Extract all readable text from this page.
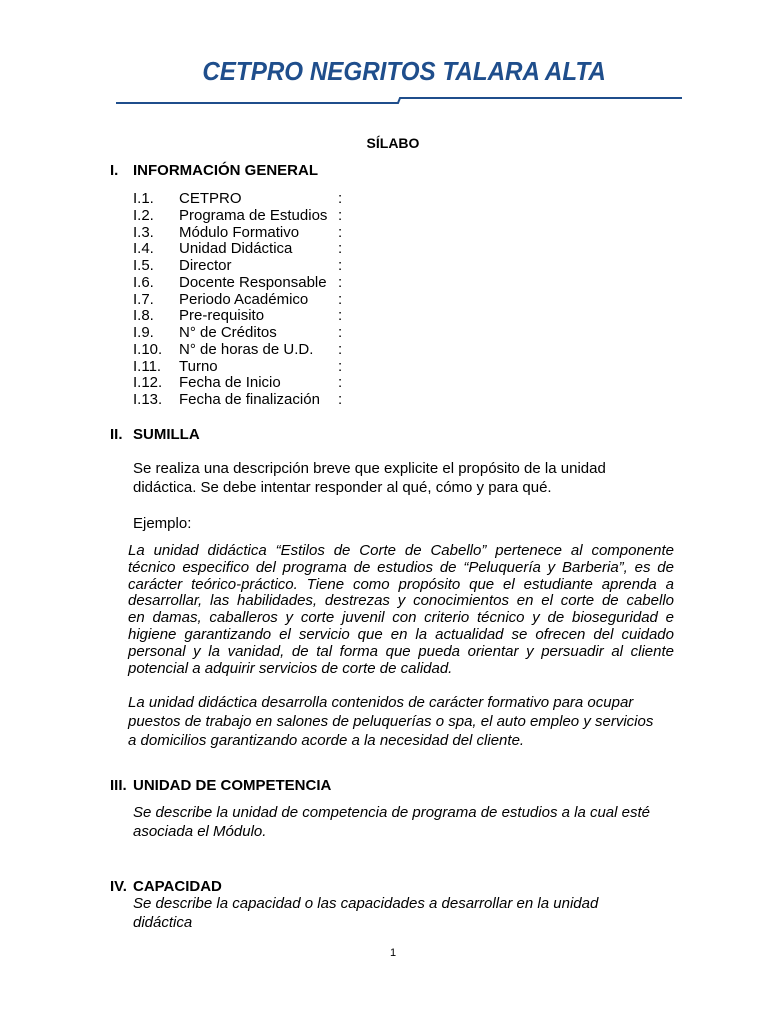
CETPRO NEGRITOS TALARA ALTA
SÍLABO
I. INFORMACIÓN GENERAL
I.1. CETPRO	:
I.2. Programa de Estudios :
I.3. Módulo Formativo	:
I.4. Unidad Didáctica	:
I.5. Director	:
I.6. Docente Responsable :
I.7. Periodo Académico :
I.8. Pre-requisito	:
I.9. N° de Créditos	:
I.10. N° de horas de U.D. :
I.11. Turno	:
I.12. Fecha de Inicio	:
I.13. Fecha de finalización :
II. SUMILLA
Se realiza una descripción breve que explicite el propósito de la unidad
didáctica. Se debe intentar responder al qué, cómo y para qué.
Ejemplo:
La unidad didáctica “Estilos de Corte de Cabello” pertenece al componente
técnico especifico del programa de estudios de “Peluquería y Barberia”, es de
carácter teórico-práctico. Tiene como propósito que el estudiante aprenda a
desarrollar, las habilidades, destrezas y conocimientos en el corte de cabello
en damas, caballeros y corte juvenil con criterio técnico y de bioseguridad e
higiene garantizando el servicio que en la actualidad se ofrecen del cuidado
personal y la vanidad, de tal forma que pueda orientar y persuadir al cliente
potencial a adquirir servicios de corte de calidad.
La unidad didáctica desarrolla contenidos de carácter formativo para ocupar
puestos de trabajo en salones de peluquerías o spa, el auto empleo y servicios
a domicilios garantizando acorde a la necesidad del cliente.
III. UNIDAD DE COMPETENCIA
Se describe la unidad de competencia de programa de estudios a la cual esté
asociada el Módulo.
IV. CAPACIDAD
Se describe la capacidad o las capacidades a desarrollar en la unidad
didáctica
1
